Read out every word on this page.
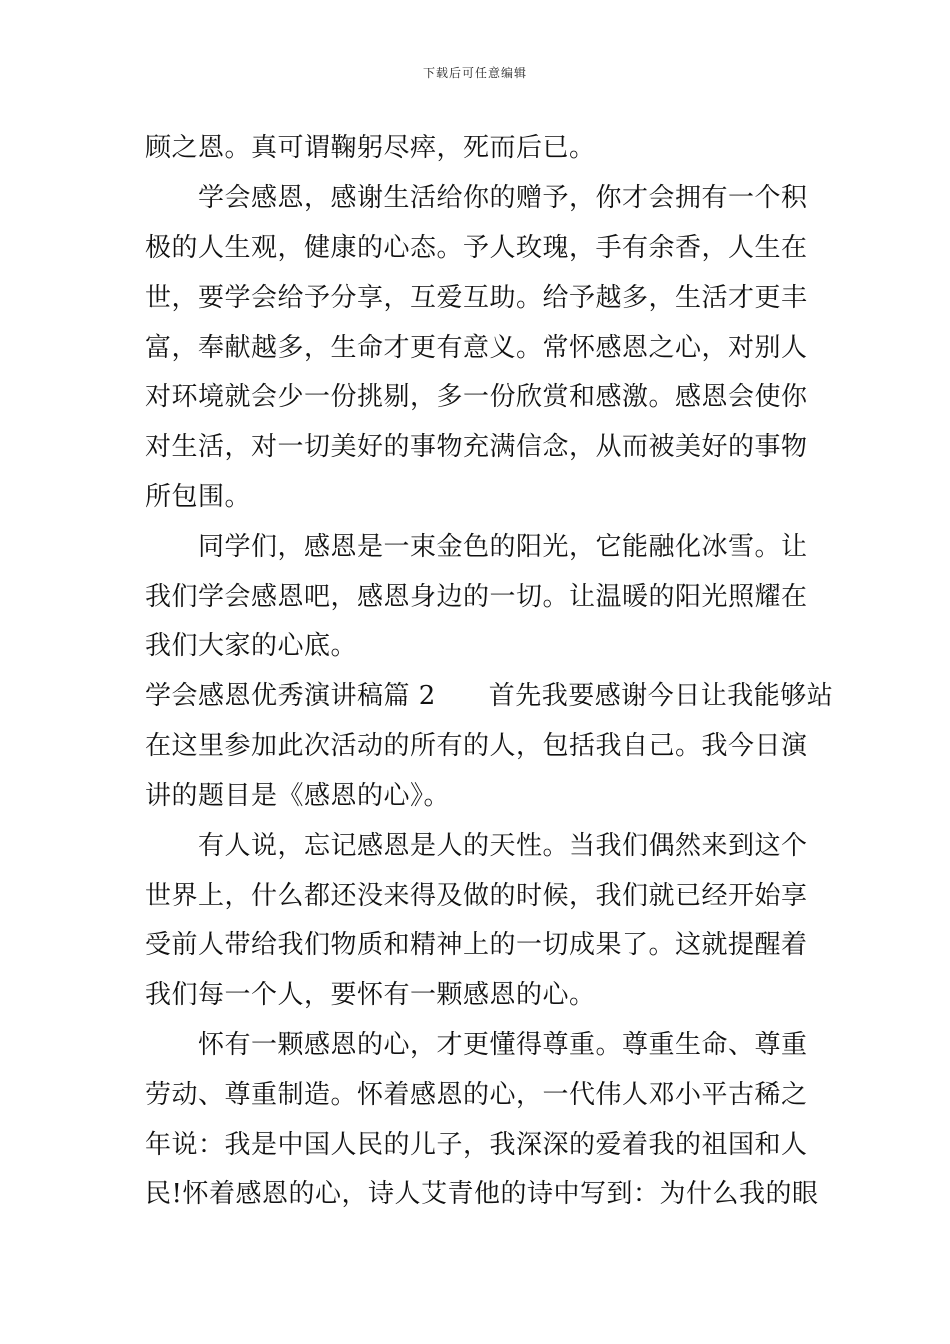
下载后可任意编辑
顾之恩。真可谓鞠躬尽瘁，死而后已。
　　学会感恩，感谢生活给你的赠予，你才会拥有一个积
极的人生观，健康的心态。予人玫瑰，手有余香，人生在
世，要学会给予分享，互爱互助。给予越多，生活才更丰
富，奉献越多，生命才更有意义。常怀感恩之心，对别人
对环境就会少一份挑剔，多一份欣赏和感激。感恩会使你
对生活，对一切美好的事物充满信念，从而被美好的事物
所包围。
　　同学们，感恩是一束金色的阳光，它能融化冰雪。让
我们学会感恩吧，感恩身边的一切。让温暖的阳光照耀在
我们大家的心底。
学会感恩优秀演讲稿篇 2　　首先我要感谢今日让我能够站
在这里参加此次活动的所有的人，包括我自己。我今日演
讲的题目是《感恩的心》。
　　有人说，忘记感恩是人的天性。当我们偶然来到这个
世界上，什么都还没来得及做的时候，我们就已经开始享
受前人带给我们物质和精神上的一切成果了。这就提醒着
我们每一个人，要怀有一颗感恩的心。
　　怀有一颗感恩的心，才更懂得尊重。尊重生命、尊重
劳动、尊重制造。怀着感恩的心，一代伟人邓小平古稀之
年说：我是中国人民的儿子，我深深的爱着我的祖国和人
民!怀着感恩的心，诗人艾青他的诗中写到：为什么我的眼
